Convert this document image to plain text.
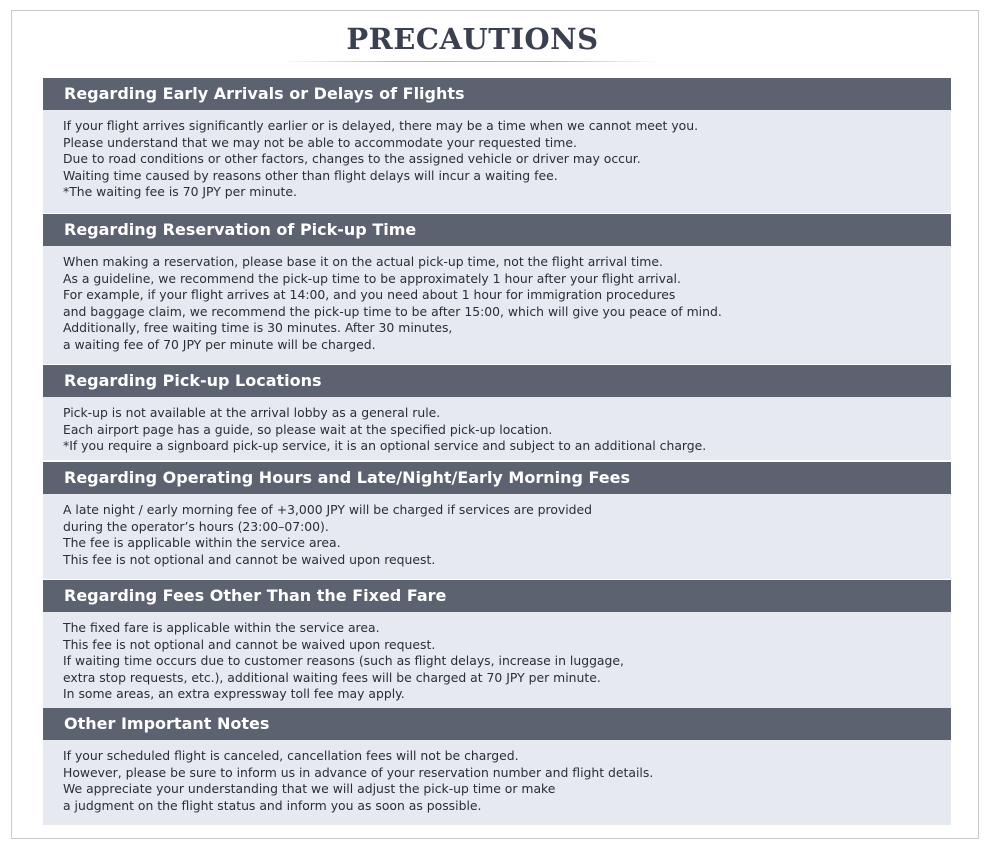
PRECAUTIONS
Regarding Early Arrivals or Delays of Flights
If your flight arrives significantly earlier or is delayed, there may be a time when we cannot meet you.
Please understand that we may not be able to accommodate your requested time.
Due to road conditions or other factors, changes to the assigned vehicle or driver may occur.
Waiting time caused by reasons other than flight delays will incur a waiting fee.
*The waiting fee is 70 JPY per minute.
Regarding Reservation of Pick-up Time
When making a reservation, please base it on the actual pick-up time, not the flight arrival time.
As a guideline, we recommend the pick-up time to be approximately 1 hour after your flight arrival.
For example, if your flight arrives at 14:00, and you need about 1 hour for immigration procedures
and baggage claim, we recommend the pick-up time to be after 15:00, which will give you peace of mind.
Additionally, free waiting time is 30 minutes. After 30 minutes,
a waiting fee of 70 JPY per minute will be charged.
Regarding Pick-up Locations
Pick-up is not available at the arrival lobby as a general rule.
Each airport page has a guide, so please wait at the specified pick-up location.
*If you require a signboard pick-up service, it is an optional service and subject to an additional charge.
Regarding Operating Hours and Late/Night/Early Morning Fees
A late night / early morning fee of +3,000 JPY will be charged if services are provided
during the operator’s hours (23:00–07:00).
The fee is applicable within the service area.
This fee is not optional and cannot be waived upon request.
Regarding Fees Other Than the Fixed Fare
The fixed fare is applicable within the service area.
This fee is not optional and cannot be waived upon request.
If waiting time occurs due to customer reasons (such as flight delays, increase in luggage,
extra stop requests, etc.), additional waiting fees will be charged at 70 JPY per minute.
In some areas, an extra expressway toll fee may apply.
Other Important Notes
If your scheduled flight is canceled, cancellation fees will not be charged.
However, please be sure to inform us in advance of your reservation number and flight details.
We appreciate your understanding that we will adjust the pick-up time or make
a judgment on the flight status and inform you as soon as possible.
